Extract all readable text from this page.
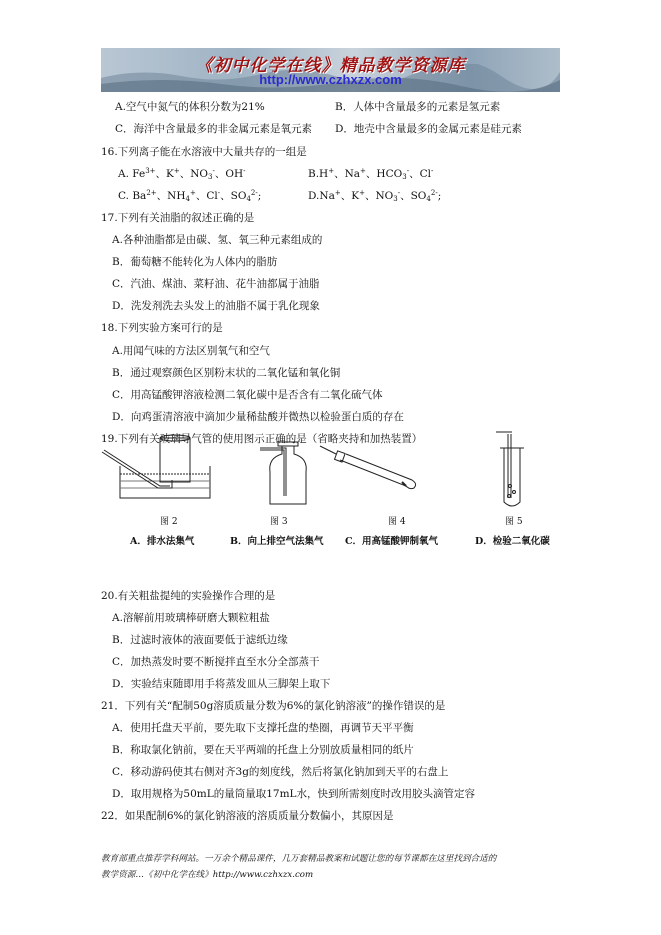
《初中化学在线》精品教学资源库
http://www.czhxzx.com
A.空气中氮气的体积分数为21%	B．人体中含量最多的元素是氢元素
C．海洋中含量最多的非金属元素是氧元素 D．地壳中含量最多的金属元素是硅元素
16.下列离子能在水溶液中大量共存的一组是
A. $Fe^{3+}$、K+、$NO_3^-$、OH-	B.H+、Na+、$HCO_3^-$、Cl-
C. $Ba^{2+}$、$NH_4^+$、Cl-、$SO_4^{2-}$;	D.Na+、K+、$NO_3^-$、$SO_4^{2-}$;
17.下列有关油脂的叙述正确的是
A.各种油脂都是由碳、氢、氧三种元素组成的
B．葡萄糖不能转化为人体内的脂肪
C．汽油、煤油、菜籽油、花牛油都属于油脂
D．洗发剂洗去头发上的油脂不属于乳化现象
18.下列实验方案可行的是
A.用闻气味的方法区别氧气和空气
B．通过观察颜色区别粉末状的二氧化锰和氧化铜
C．用高锰酸钾溶液检测二氧化碳中是否含有二氧化硫气体
D．向鸡蛋清溶液中滴加少量稀盐酸并微热以检验蛋白质的存在
19.下列有关玻璃导气管的使用图示正确的是（省略夹持和加热装置）
图 2	图 3	图 4	图 5
A．排水法集气	B．向上排空气法集气 C．用高锰酸钾制氧气	D．检验二氧化碳
20.有关粗盐提纯的实验操作合理的是
A.溶解前用玻璃棒研磨大颗粒粗盐
B．过滤时液体的液面要低于滤纸边缘
C．加热蒸发时要不断搅拌直至水分全部蒸干
D．实验结束随即用手将蒸发皿从三脚架上取下
21．下列有关“配制50g溶质质量分数为6%的氯化钠溶液”的操作错误的是
A．使用托盘天平前，要先取下支撑托盘的垫圈，再调节天平平衡
B．称取氯化钠前，要在天平两端的托盘上分别放质量相同的纸片
C．移动游码使其右侧对齐3g的刻度线，然后将氯化钠加到天平的右盘上
D．取用规格为50mL的量筒量取17mL水，快到所需刻度时改用胶头滴管定容
22．如果配制6%的氯化钠溶液的溶质质量分数偏小，其原因是
教育部重点推荐学科网站。一万余个精品课件，几万套精品教案和试题让您的每节课都在这里找到合适的
教学资源…《初中化学在线》http://www.czhxzx.com
